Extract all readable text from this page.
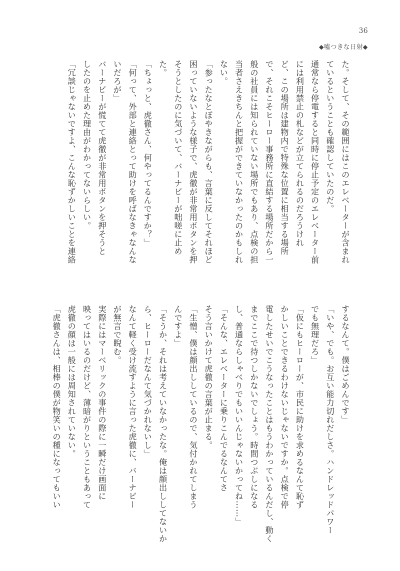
36
◆噓つきな日射◆
た。そして、その範囲にはこのエレベーターが含まれ
ているということも確認していたのだ。
通常なら停電すると同時に停止予定のエレベーター前
には利用禁止の札などが立てられるのだろうけれ
ど、この場所は建物内で特殊な位置に相当する場所
で、それこそヒーロー事務所に直結する場所だから一
般の社員には知られていない場所でもあり、点検の担
当者さえきちんと把握ができていなかったのかもしれ
ない。
「参ったなとぼやきながらも、言葉に反してそれほど
困っていないような様子で、虎徹が非常用ボタンを押
そうとしたのに気づいて、バーナビーが咄嗟に止め
た。
「ちょっと、虎徹さん、何やってるんですか？」
「何って、外部と連絡とって助けを呼ばなきゃなんな
いだろが」
バーナビーが慌てて虎徹が非常用ボタンを押そうと
したのを止めた理由がわかってないらしい。
「冗談じゃないですよ、こんな恥ずかしいことを連絡
するなんて。僕はごめんです」
「いや、でも。お互い能力切れだしさ。ハンドレッドパワー
でも無理だろ」
「仮にもヒーローが、市民に助けを求めるなんて恥ず
かしいことできるわけないじゃないですか。点検で停
電したせいでこうなったことはもうわかっているんだし、動く
までここで待つしかないでしょう。時間つぶしになる
し、普通ならしゃべりでもいいんじゃないかってね……」
「そんな、エレベーターに乗りこんでるなんてさ
そう言いかけて虎徹の言葉が止まる。
「生憎、僕は顔出ししているので、気付かれてしまう
んですよ」
「そうか、それは考えていなかったな。俺は顔出ししてないか
ら、ヒーローだなんて気づかれないし」
なんて軽く受け流すように言った虎徹に、バーナビー
が無言で睨む。
実際にはマーベリックの事件の際に一瞬だけ画面に
映ってはいるのだけど、薄暗がりということもあって
虎徹の顔は一般には周知されていない。
「虎徹さんは、相棒の僕が物笑いの種になってもいい
